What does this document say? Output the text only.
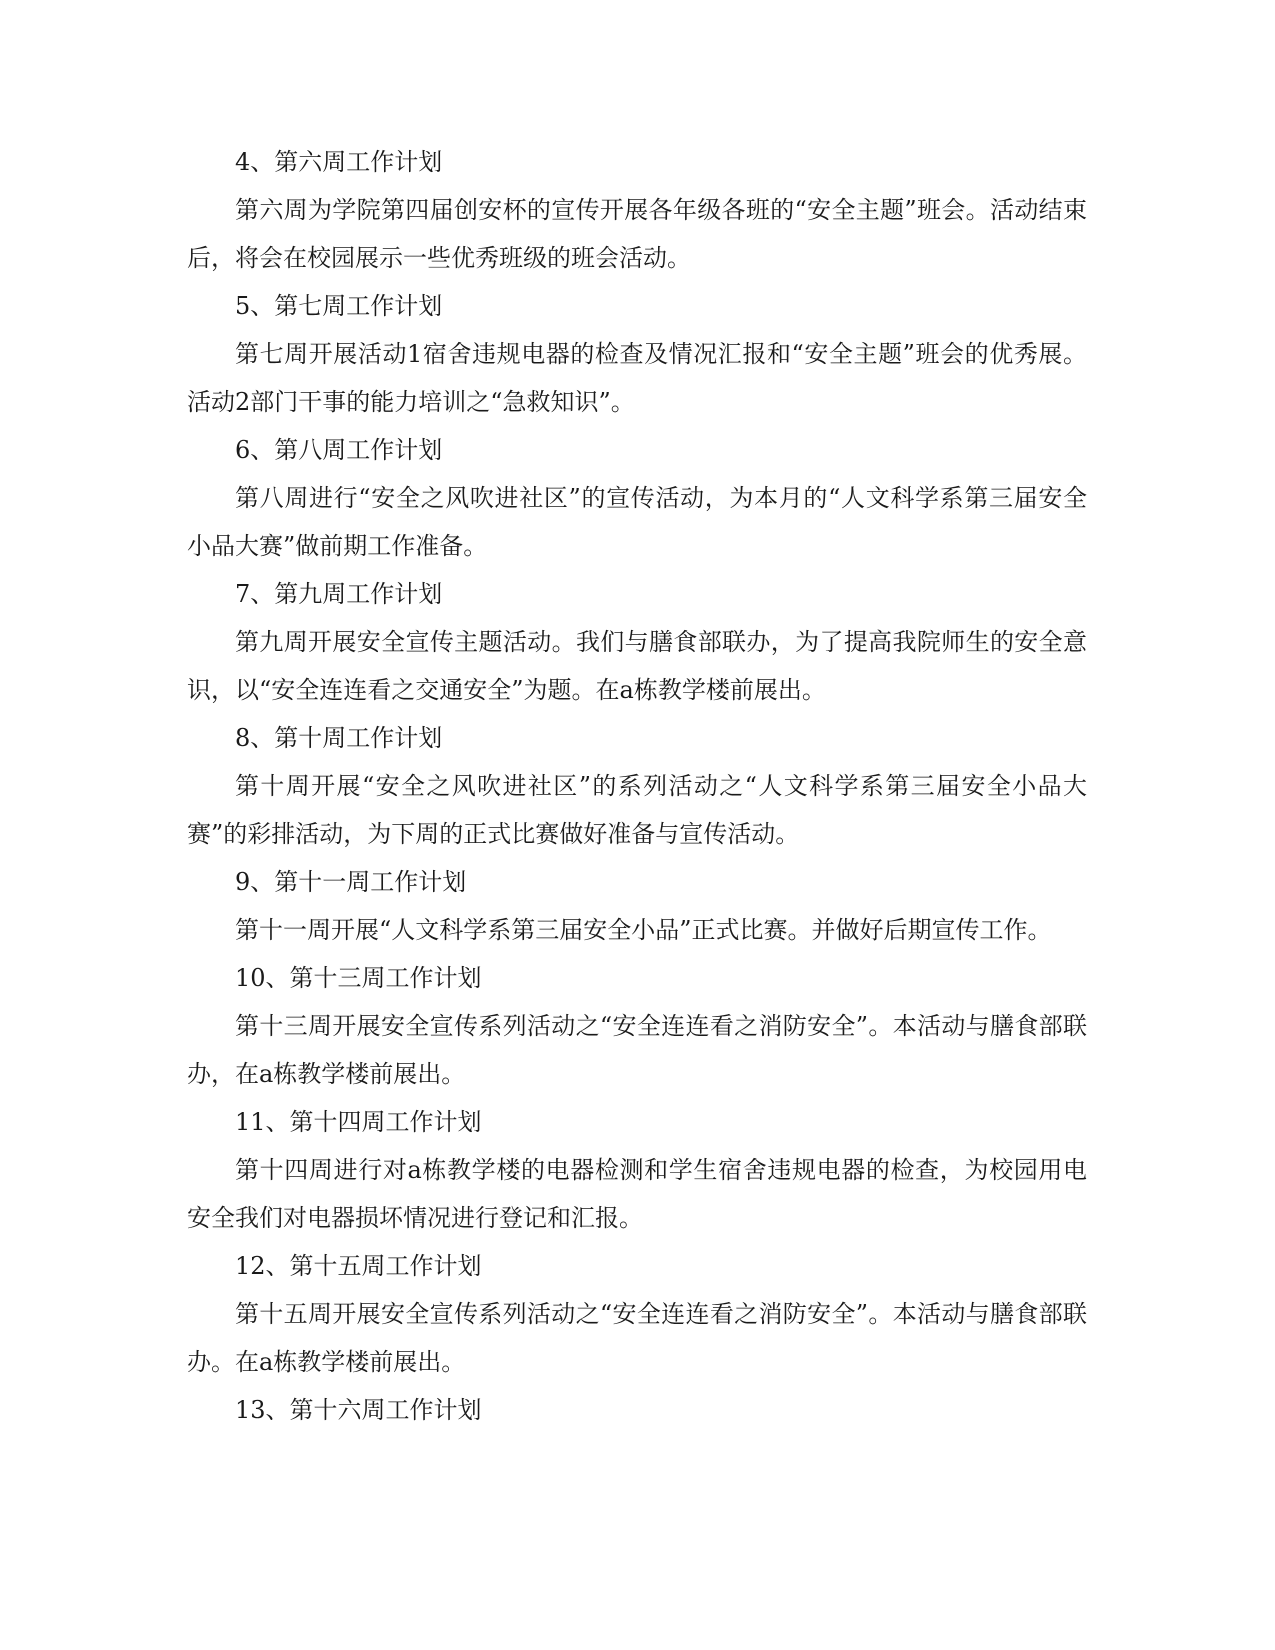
4、第六周工作计划

第六周为学院第四届创安杯的宣传开展各年级各班的“安全主题”班会。活动结束后，将会在校园展示一些优秀班级的班会活动。

5、第七周工作计划

第七周开展活动1宿舍违规电器的检查及情况汇报和“安全主题”班会的优秀展。活动2部门干事的能力培训之“急救知识”。

6、第八周工作计划

第八周进行“安全之风吹进社区”的宣传活动，为本月的“人文科学系第三届安全小品大赛”做前期工作准备。

7、第九周工作计划

第九周开展安全宣传主题活动。我们与膳食部联办，为了提高我院师生的安全意识，以“安全连连看之交通安全”为题。在a栋教学楼前展出。

8、第十周工作计划

第十周开展“安全之风吹进社区”的系列活动之“人文科学系第三届安全小品大赛”的彩排活动，为下周的正式比赛做好准备与宣传活动。

9、第十一周工作计划

第十一周开展“人文科学系第三届安全小品”正式比赛。并做好后期宣传工作。

10、第十三周工作计划

第十三周开展安全宣传系列活动之“安全连连看之消防安全”。本活动与膳食部联办，在a栋教学楼前展出。

11、第十四周工作计划

第十四周进行对a栋教学楼的电器检测和学生宿舍违规电器的检查，为校园用电安全我们对电器损坏情况进行登记和汇报。

12、第十五周工作计划

第十五周开展安全宣传系列活动之“安全连连看之消防安全”。本活动与膳食部联办。在a栋教学楼前展出。

13、第十六周工作计划
